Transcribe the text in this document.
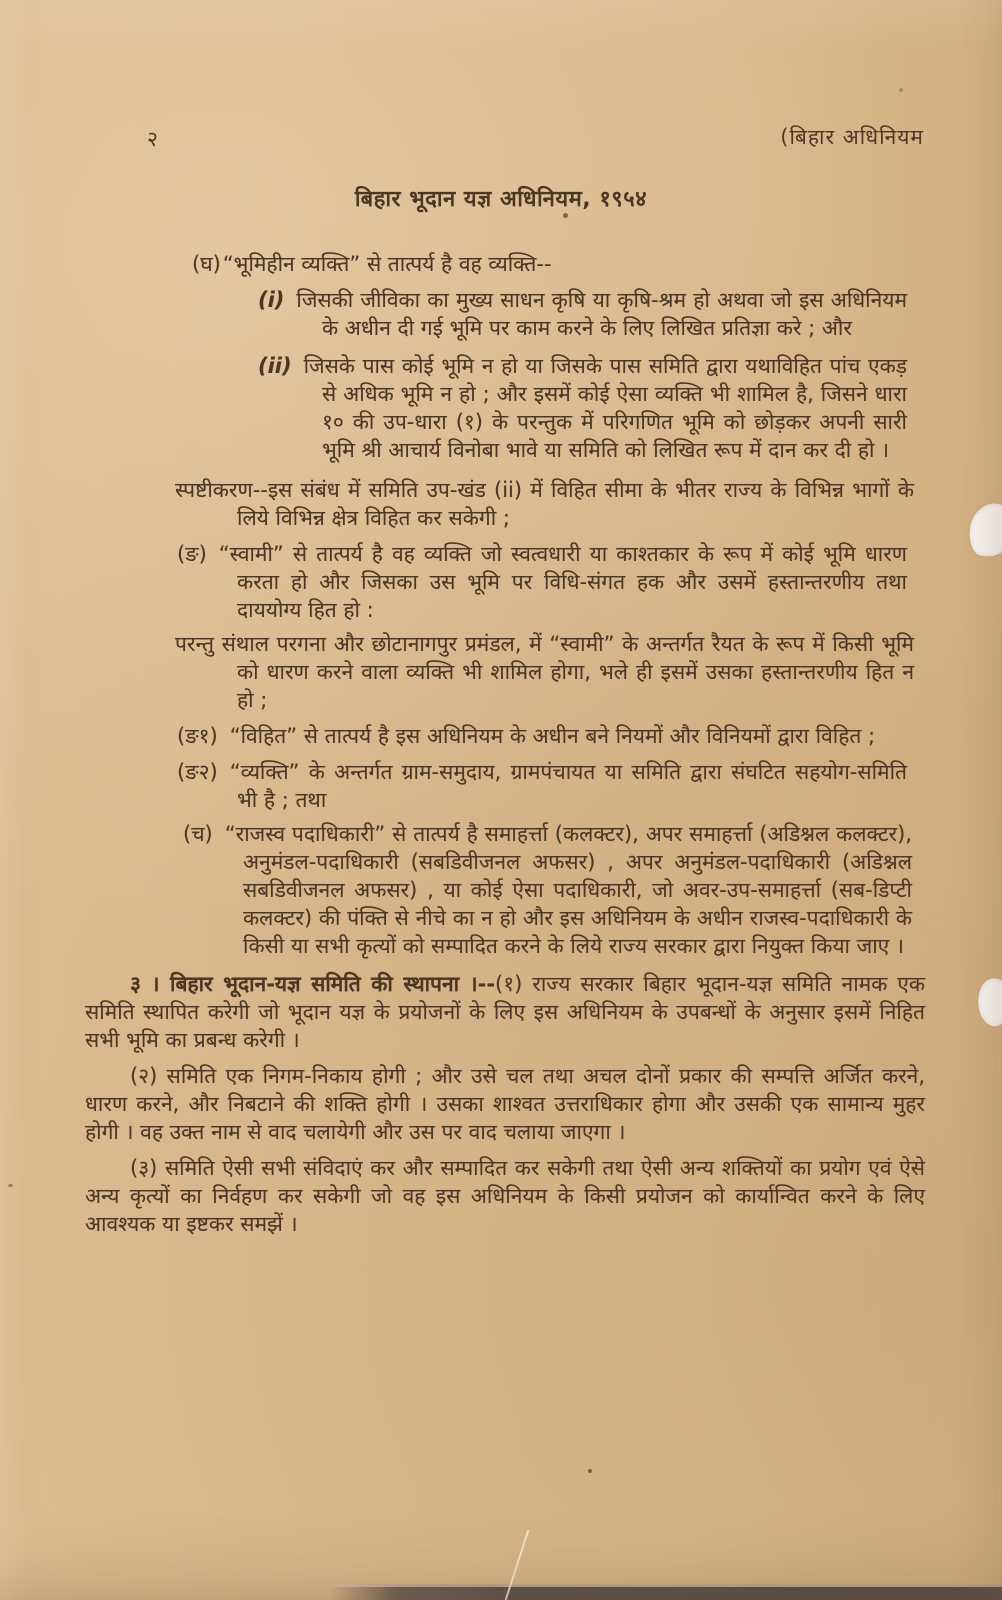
२	(बिहार अधिनियम
बिहार भूदान यज्ञ अधिनियम, १९५४

(घ)“भूमिहीन व्यक्ति” से तात्पर्य है वह व्यक्ति--

(i) जिसकी जीविका का मुख्य साधन कृषि या कृषि-श्रम हो अथवा जो इस अधिनियम के अधीन दी गई भूमि पर काम करने के लिए लिखित प्रतिज्ञा करे ; और

(ii) जिसके पास कोई भूमि न हो या जिसके पास समिति द्वारा यथाविहित पांच एकड़ से अधिक भूमि न हो ; और इसमें कोई ऐसा व्यक्ति भी शामिल है, जिसने धारा १० की उप-धारा (१) के परन्तुक में परिगणित भूमि को छोड़कर अपनी सारी भूमि श्री आचार्य विनोबा भावे या समिति को लिखित रूप में दान कर दी हो ।

स्पष्टीकरण--इस संबंध में समिति उप-खंड (ii) में विहित सीमा के भीतर राज्य के विभिन्न भागों के लिये विभिन्न क्षेत्र विहित कर सकेगी ;

(ङ) “स्वामी” से तात्पर्य है वह व्यक्ति जो स्वत्वधारी या काश्तकार के रूप में कोई भूमि धारण करता हो और जिसका उस भूमि पर विधि-संगत हक और उसमें हस्तान्तरणीय तथा दाययोग्य हित हो :

परन्तु संथाल परगना और छोटानागपुर प्रमंडल, में “स्वामी” के अन्तर्गत रैयत के रूप में किसी भूमि को धारण करने वाला व्यक्ति भी शामिल होगा, भले ही इसमें उसका हस्तान्तरणीय हित न हो ;

(ङ१) “विहित” से तात्पर्य है इस अधिनियम के अधीन बने नियमों और विनियमों द्वारा विहित ;

(ङ२) “व्यक्ति” के अन्तर्गत ग्राम-समुदाय, ग्रामपंचायत या समिति द्वारा संघटित सहयोग-समिति भी है ; तथा

(च) “राजस्व पदाधिकारी” से तात्पर्य है समाहर्त्ता (कलक्टर), अपर समाहर्त्ता (अडिश्नल कलक्टर), अनुमंडल-पदाधिकारी (सबडिवीजनल अफसर) , अपर अनुमंडल-पदाधिकारी (अडिश्नल सबडिवीजनल अफसर) , या कोई ऐसा पदाधिकारी, जो अवर-उप-समाहर्त्ता (सब-डिप्टी कलक्टर) की पंक्ति से नीचे का न हो और इस अधिनियम के अधीन राजस्व-पदाधिकारी के किसी या सभी कृत्यों को सम्पादित करने के लिये राज्य सरकार द्वारा नियुक्त किया जाए ।

३ । बिहार भूदान-यज्ञ समिति की स्थापना ।--(१) राज्य सरकार बिहार भूदान-यज्ञ समिति नामक एक समिति स्थापित करेगी जो भूदान यज्ञ के प्रयोजनों के लिए इस अधिनियम के उपबन्धों के अनुसार इसमें निहित सभी भूमि का प्रबन्ध करेगी ।

(२) समिति एक निगम-निकाय होगी ; और उसे चल तथा अचल दोनों प्रकार की सम्पत्ति अर्जित करने, धारण करने, और निबटाने की शक्ति होगी । उसका शाश्वत उत्तराधिकार होगा और उसकी एक सामान्य मुहर होगी । वह उक्त नाम से वाद चलायेगी और उस पर वाद चलाया जाएगा ।

(३) समिति ऐसी सभी संविदाएं कर और सम्पादित कर सकेगी तथा ऐसी अन्य शक्तियों का प्रयोग एवं ऐसे अन्य कृत्यों का निर्वहण कर सकेगी जो वह इस अधिनियम के किसी प्रयोजन को कार्यान्वित करने के लिए आवश्यक या इष्टकर समझें ।
